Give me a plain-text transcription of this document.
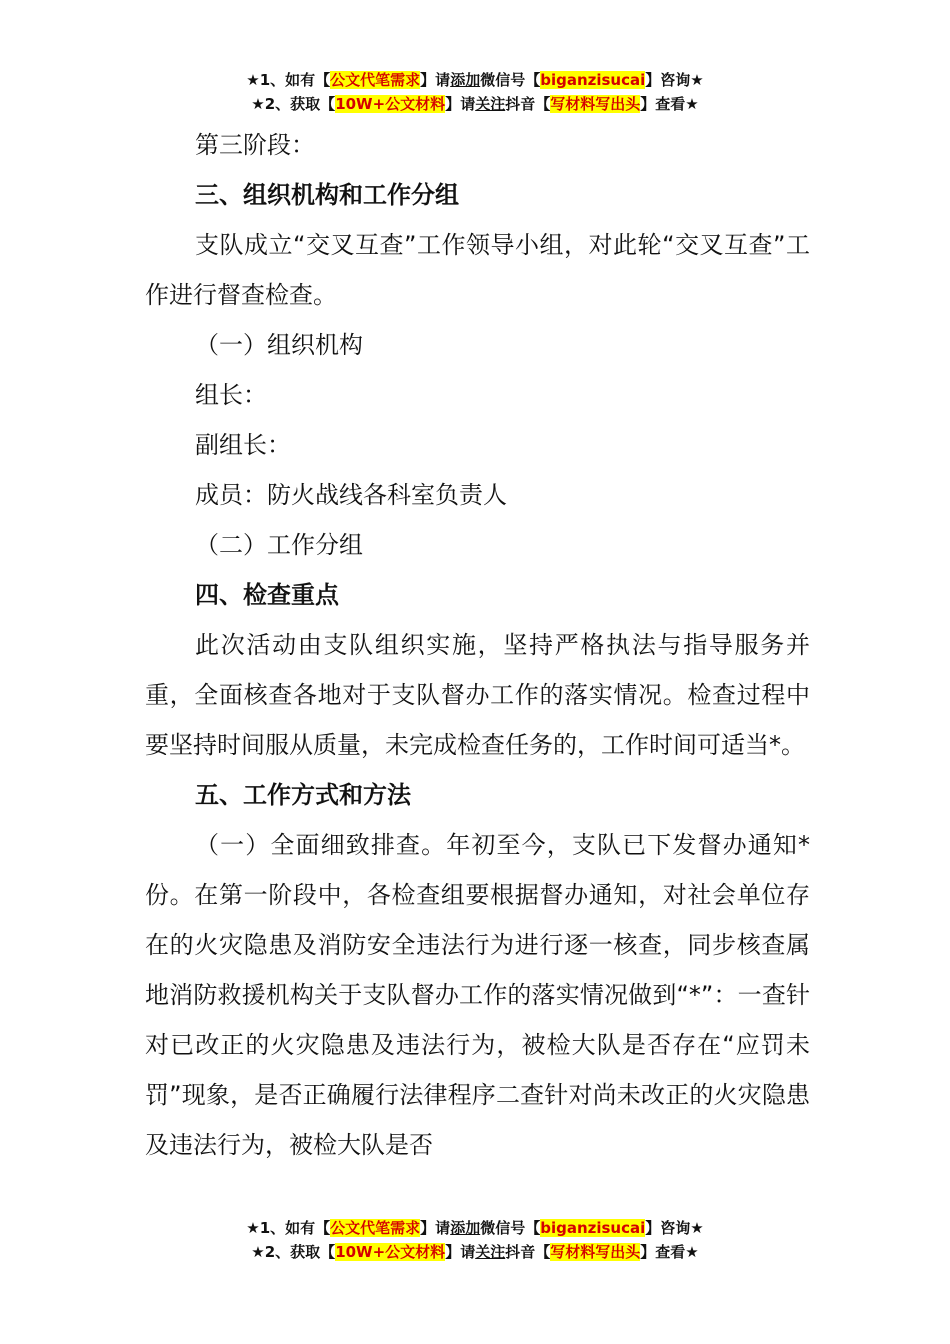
★1、如有【公文代笔需求】请添加微信号【biganzisucai】咨询★
★2、获取【10W+公文材料】请关注抖音【写材料写出头】查看★

第三阶段：

三、组织机构和工作分组

支队成立“交叉互查”工作领导小组，对此轮“交叉互查”工作进行督查检查。

（一）组织机构

组长：

副组长：

成员：防火战线各科室负责人

（二）工作分组

四、检查重点

此次活动由支队组织实施，坚持严格执法与指导服务并重，全面核查各地对于支队督办工作的落实情况。检查过程中要坚持时间服从质量，未完成检查任务的，工作时间可适当*。

五、工作方式和方法

（一）全面细致排查。年初至今，支队已下发督办通知*份。在第一阶段中，各检查组要根据督办通知，对社会单位存在的火灾隐患及消防安全违法行为进行逐一核查，同步核查属地消防救援机构关于支队督办工作的落实情况做到“*”：一查针对已改正的火灾隐患及违法行为，被检大队是否存在“应罚未罚”现象，是否正确履行法律程序二查针对尚未改正的火灾隐患及违法行为，被检大队是否

★1、如有【公文代笔需求】请添加微信号【biganzisucai】咨询★
★2、获取【10W+公文材料】请关注抖音【写材料写出头】查看★
